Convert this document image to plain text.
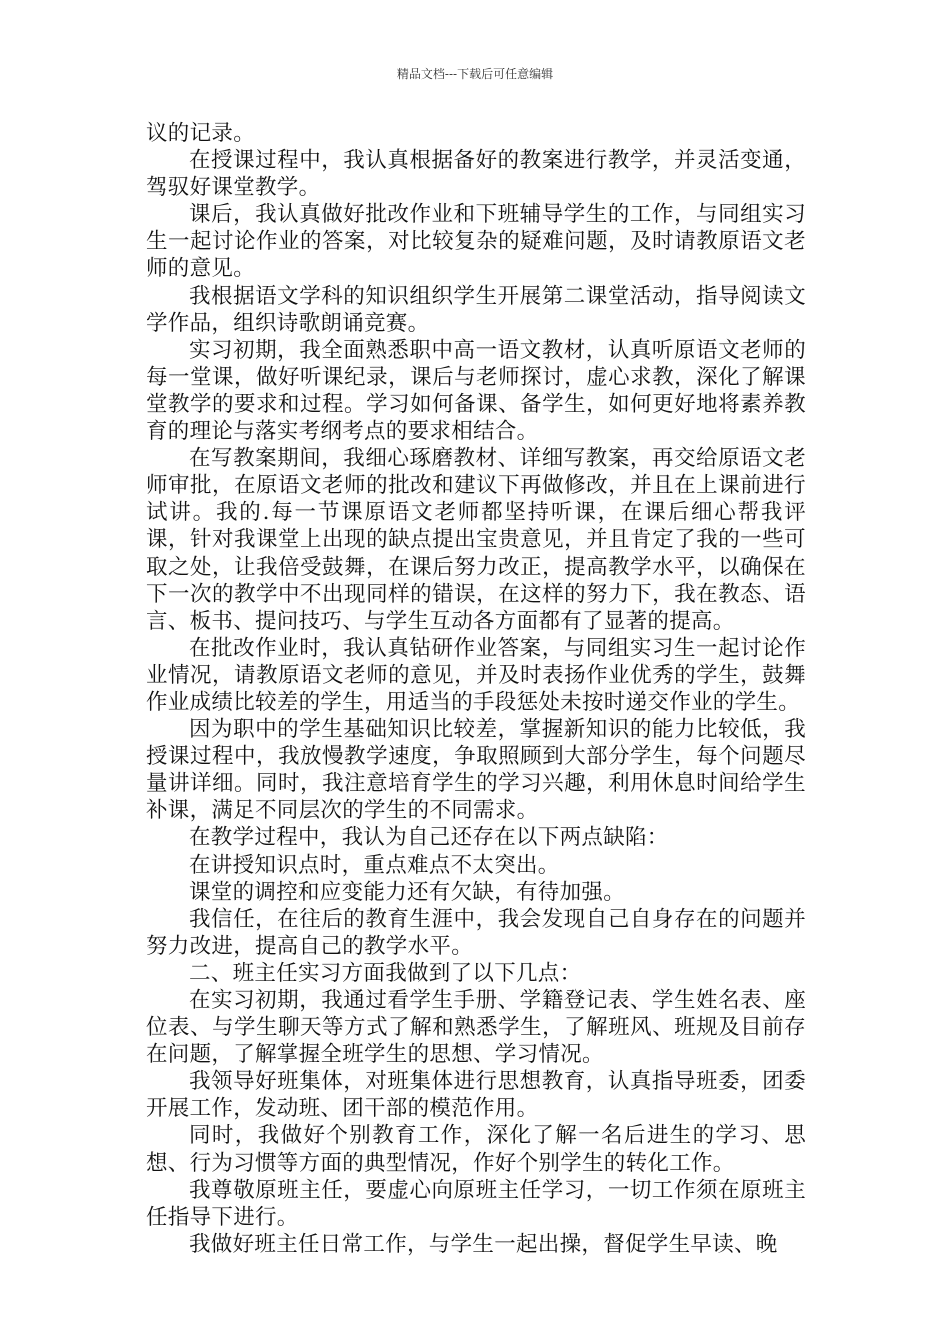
精品文档---下载后可任意编辑

议的记录。

在授课过程中，我认真根据备好的教案进行教学，并灵活变通，驾驭好课堂教学。

课后，我认真做好批改作业和下班辅导学生的工作，与同组实习生一起讨论作业的答案，对比较复杂的疑难问题，及时请教原语文老师的意见。

我根据语文学科的知识组织学生开展第二课堂活动，指导阅读文学作品，组织诗歌朗诵竞赛。

实习初期，我全面熟悉职中高一语文教材，认真听原语文老师的每一堂课，做好听课纪录，课后与老师探讨，虚心求教，深化了解课堂教学的要求和过程。学习如何备课、备学生，如何更好地将素养教育的理论与落实考纲考点的要求相结合。

在写教案期间，我细心琢磨教材、详细写教案，再交给原语文老师审批，在原语文老师的批改和建议下再做修改，并且在上课前进行试讲。我的.每一节课原语文老师都坚持听课，在课后细心帮我评课，针对我课堂上出现的缺点提出宝贵意见，并且肯定了我的一些可取之处，让我倍受鼓舞，在课后努力改正，提高教学水平，以确保在下一次的教学中不出现同样的错误，在这样的努力下，我在教态、语言、板书、提问技巧、与学生互动各方面都有了显著的提高。

在批改作业时，我认真钻研作业答案，与同组实习生一起讨论作业情况，请教原语文老师的意见，并及时表扬作业优秀的学生，鼓舞作业成绩比较差的学生，用适当的手段惩处未按时递交作业的学生。

因为职中的学生基础知识比较差，掌握新知识的能力比较低，我授课过程中，我放慢教学速度，争取照顾到大部分学生，每个问题尽量讲详细。同时，我注意培育学生的学习兴趣，利用休息时间给学生补课，满足不同层次的学生的不同需求。

在教学过程中，我认为自己还存在以下两点缺陷：

在讲授知识点时，重点难点不太突出。

课堂的调控和应变能力还有欠缺，有待加强。

我信任，在往后的教育生涯中，我会发现自己自身存在的问题并努力改进，提高自己的教学水平。

二、班主任实习方面我做到了以下几点：

在实习初期，我通过看学生手册、学籍登记表、学生姓名表、座位表、与学生聊天等方式了解和熟悉学生，了解班风、班规及目前存在问题，了解掌握全班学生的思想、学习情况。

我领导好班集体，对班集体进行思想教育，认真指导班委，团委开展工作，发动班、团干部的模范作用。

同时，我做好个别教育工作，深化了解一名后进生的学习、思想、行为习惯等方面的典型情况，作好个别学生的转化工作。

我尊敬原班主任，要虚心向原班主任学习，一切工作须在原班主任指导下进行。

我做好班主任日常工作，与学生一起出操，督促学生早读、晚
